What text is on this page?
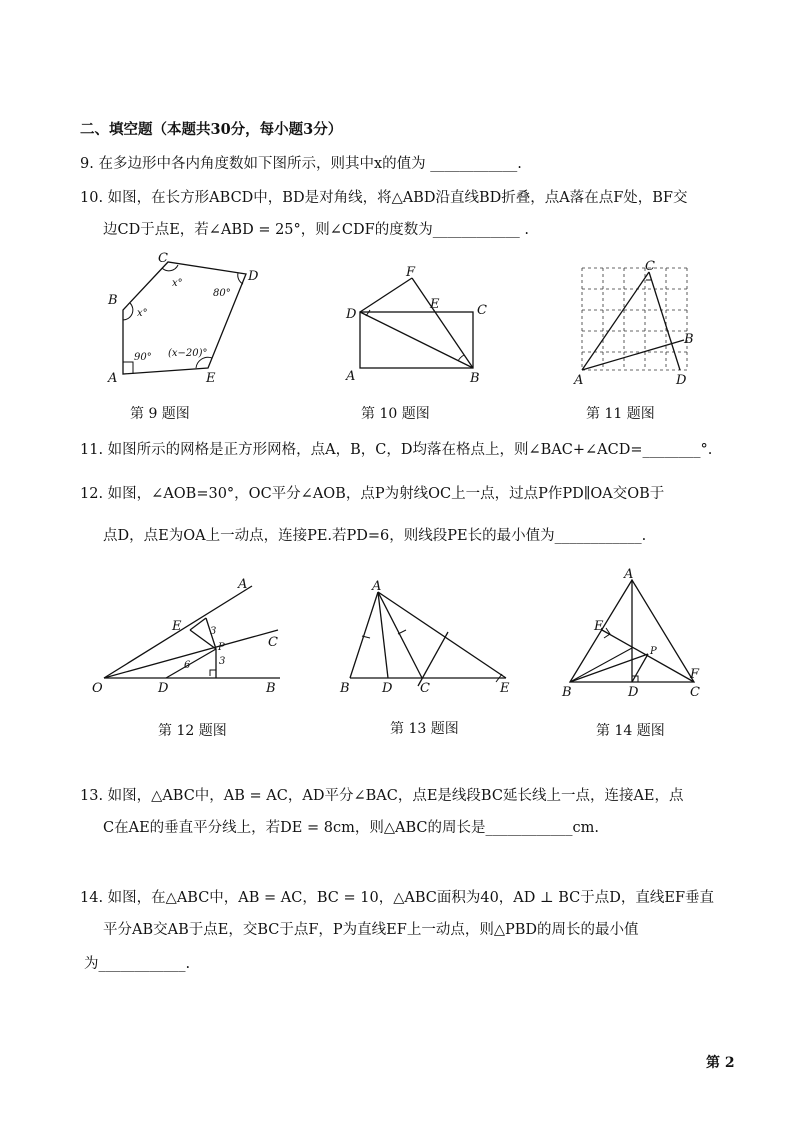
二、填空题（本题共30分，每小题3分）
9. 在多边形中各内角度数如下图所示，则其中x的值为 ____________.
10. 如图，在长方形ABCD中，BD是对角线，将△ABD沿直线BD折叠，点A落在点F处，BF交
边CD于点E，若∠ABD = 25°，则∠CDF的度数为____________ .
A
B
C
D
E
x°
x°
80°
(x−20)°
90°
第 9 题图
A	B
C
D
E
F
第 10 题图
A
B
C
D
第 11 题图
11. 如图所示的网格是正方形网格，点A，B，C，D均落在格点上，则∠BAC+∠ACD=________°.
12. 如图，∠AOB=30°，OC平分∠AOB，点P为射线OC上一点，过点P作PD∥OA交OB于
点D，点E为OA上一动点，连接PE.若PD=6，则线段PE长的最小值为____________.
O	D	B
A
C
E
P
3
6	3
第 12 题图
A
B D C	E
第 13 题图
A
B	C
D
E
F
P
第 14 题图
13. 如图，△ABC中，AB = AC，AD平分∠BAC，点E是线段BC延长线上一点，连接AE，点
C在AE的垂直平分线上，若DE = 8cm，则△ABC的周长是____________cm.
14. 如图，在△ABC中，AB = AC，BC = 10，△ABC面积为40，AD ⊥ BC于点D，直线EF垂直
平分AB交AB于点E，交BC于点F，P为直线EF上一动点，则△PBD的周长的最小值
为____________.
第 2
